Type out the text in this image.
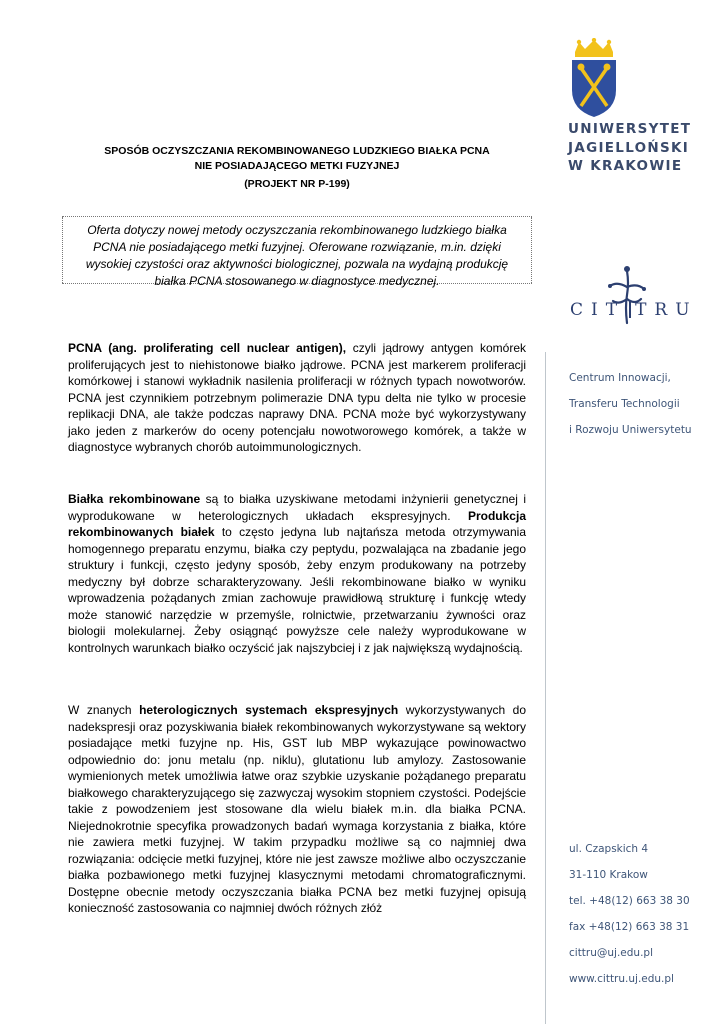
SPOSÓB OCZYSZCZANIA REKOMBINOWANEGO LUDZKIEGO BIAŁKA PCNA
NIE POSIADAJĄCEGO METKI FUZYJNEJ
(PROJEKT NR P-199)

Oferta dotyczy nowej metody oczyszczania rekombinowanego ludzkiego białka PCNA nie posiadającego metki fuzyjnej. Oferowane rozwiązanie, m.in. dzięki wysokiej czystości oraz aktywności biologicznej, pozwala na wydajną produkcję białka PCNA stosowanego w diagnostyce medycznej.

PCNA (ang. proliferating cell nuclear antigen), czyli jądrowy antygen komórek proliferujących jest to niehistonowe białko jądrowe. PCNA jest markerem proliferacji komórkowej i stanowi wykładnik nasilenia proliferacji w różnych typach nowotworów. PCNA jest czynnikiem potrzebnym polimerazie DNA typu delta nie tylko w procesie replikacji DNA, ale także podczas naprawy DNA. PCNA może być wykorzystywany jako jeden z markerów do oceny potencjału nowotworowego komórek, a także w diagnostyce wybranych chorób autoimmunologicznych.

Białka rekombinowane są to białka uzyskiwane metodami inżynierii genetycznej i wyprodukowane w heterologicznych układach ekspresyjnych. Produkcja rekombinowanych białek to często jedyna lub najtańsza metoda otrzymywania homogennego preparatu enzymu, białka czy peptydu, pozwalająca na zbadanie jego struktury i funkcji, często jedyny sposób, żeby enzym produkowany na potrzeby medyczny był dobrze scharakteryzowany. Jeśli rekombinowane białko w wyniku wprowadzenia pożądanych zmian zachowuje prawidłową strukturę i funkcję wtedy może stanowić narzędzie w przemyśle, rolnictwie, przetwarzaniu żywności oraz biologii molekularnej. Żeby osiągnąć powyższe cele należy wyprodukowane w kontrolnych warunkach białko oczyścić jak najszybciej i z jak największą wydajnością.

W znanych heterologicznych systemach ekspresyjnych wykorzystywanych do nadekspresji oraz pozyskiwania białek rekombinowanych wykorzystywane są wektory posiadające metki fuzyjne np. His, GST lub MBP wykazujące powinowactwo odpowiednio do: jonu metalu (np. niklu), glutationu lub amylozy. Zastosowanie wymienionych metek umożliwia łatwe oraz szybkie uzyskanie pożądanego preparatu białkowego charakteryzującego się zazwyczaj wysokim stopniem czystości. Podejście takie z powodzeniem jest stosowane dla wielu białek m.in. dla białka PCNA. Niejednokrotnie specyfika prowadzonych badań wymaga korzystania z białka, które nie zawiera metki fuzyjnej. W takim przypadku możliwe są co najmniej dwa rozwiązania: odcięcie metki fuzyjnej, które nie jest zawsze możliwe albo oczyszczanie białka pozbawionego metki fuzyjnej klasycznymi metodami chromatograficznymi. Dostępne obecnie metody oczyszczania białka PCNA bez metki fuzyjnej opisują konieczność zastosowania co najmniej dwóch różnych złóż

UNIWERSYTET
JAGIELLOŃSKI
W KRAKOWIE
CIT TRU
Centrum Innowacji,
Transferu Technologii
i Rozwoju Uniwersytetu
ul. Czapskich 4
31-110 Krakow
tel. +48(12) 663 38 30
fax +48(12) 663 38 31
cittru@uj.edu.pl
www.cittru.uj.edu.pl
